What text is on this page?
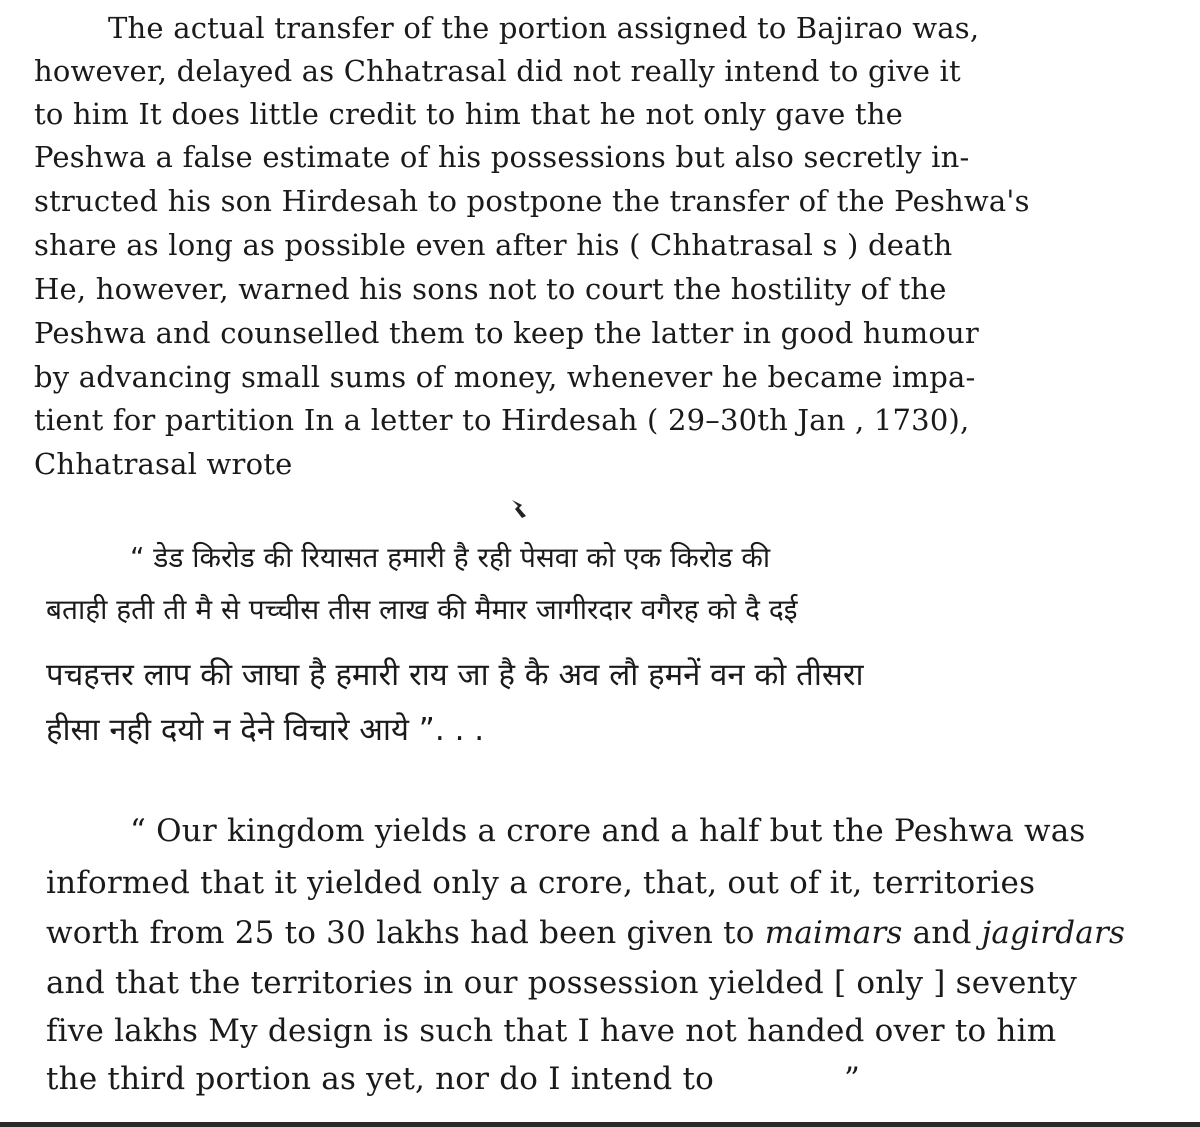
The actual transfer of the portion assigned to Bajirao was,
however, delayed as Chhatrasal did not really intend to give it
to him It does little credit to him that he not only gave the
Peshwa a false estimate of his possessions but also secretly in-
structed his son Hirdesah to postpone the transfer of the Peshwa's
share as long as possible even after his ( Chhatrasal s ) death
He, however, warned his sons not to court the hostility of the
Peshwa and counselled them to keep the latter in good humour
by advancing small sums of money, whenever he became impa-
tient for partition In a letter to Hirdesah ( 29–30th Jan , 1730),
Chhatrasal wrote
“ डेड किरोड की रियासत हमारी है रही पेसवा को एक किरोड की
बताही हती ती मै से पच्चीस तीस लाख की मैमार जागीरदार वगैरह को दै दई
पचहत्तर लाप की जाघा है हमारी राय जा है कै अव लौ हमनें वन को तीसरा
हीसा नही दयो न देने विचारे आये ”. . .
“ Our kingdom yields a crore and a half but the Peshwa was
informed that it yielded only a crore, that, out of it, territories
worth from 25 to 30 lakhs had been given to maimars and jagirdars
and that the territories in our possession yielded [ only ] seventy
five lakhs My design is such that I have not handed over to him
the third portion as yet, nor do I intend to	”
